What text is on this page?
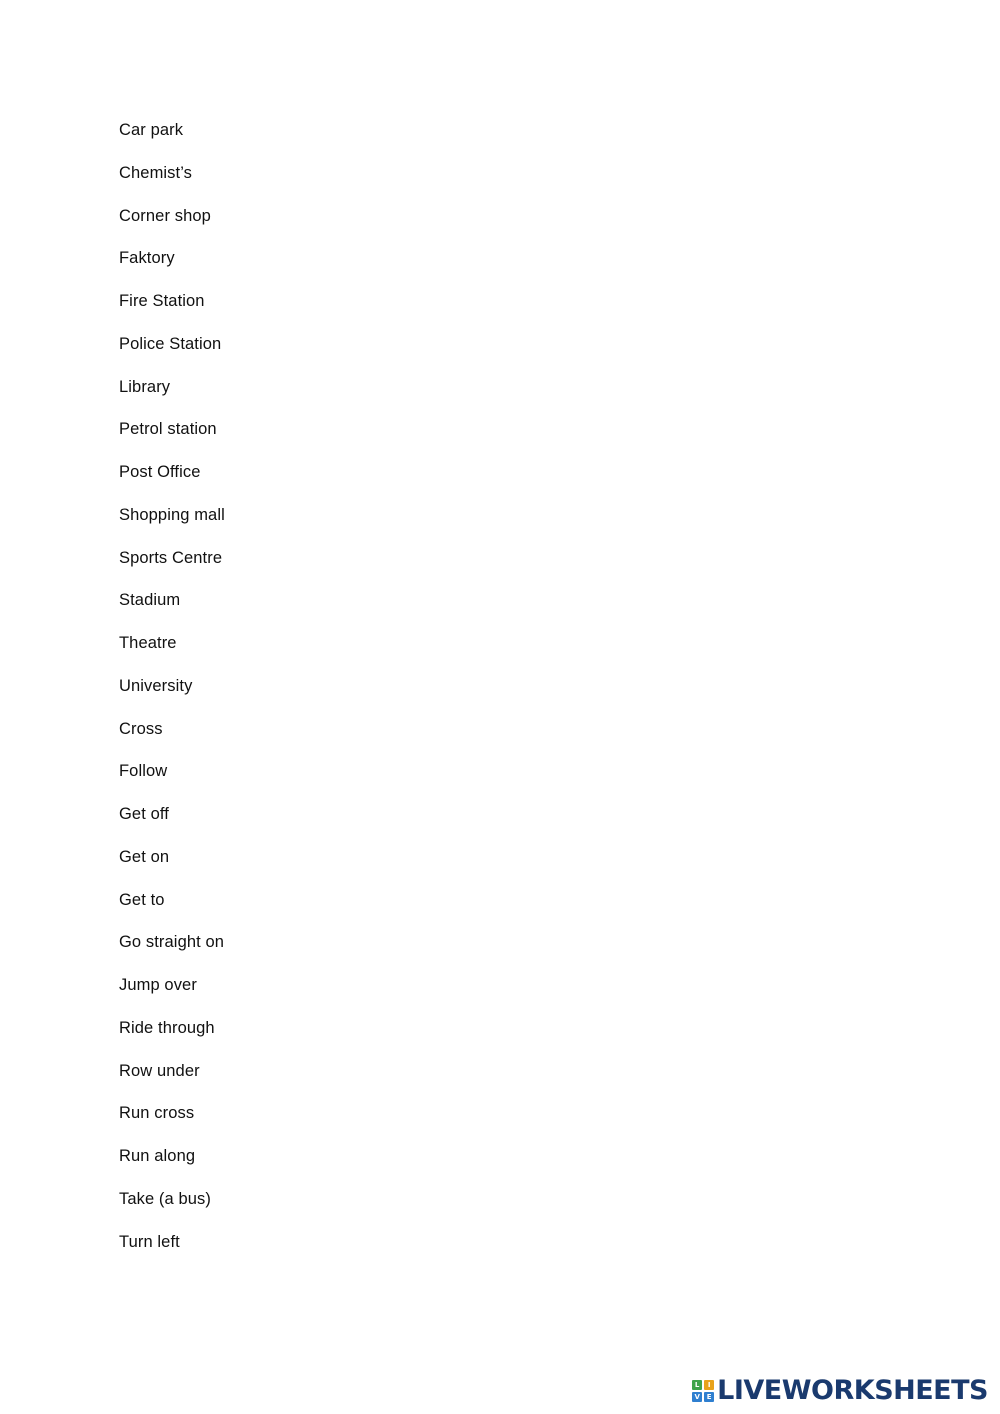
Car park
Chemist’s
Corner shop
Faktory
Fire Station
Police Station
Library
Petrol station
Post Office
Shopping mall
Sports Centre
Stadium
Theatre
University
Cross
Follow
Get off
Get on
Get to
Go straight on
Jump over
Ride through
Row under
Run cross
Run along
Take (a bus)
Turn left
L	I
V E LIVEWORKSHEETS
